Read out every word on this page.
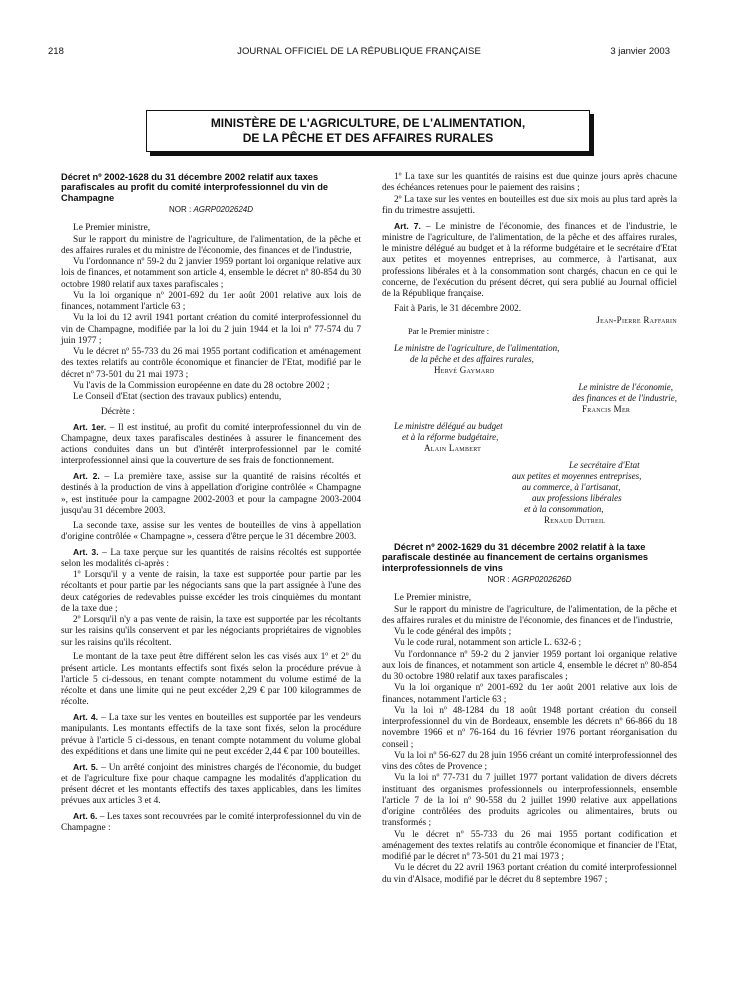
218	JOURNAL OFFICIEL DE LA RÉPUBLIQUE FRANÇAISE	3 janvier 2003
MINISTÈRE DE L'AGRICULTURE, DE L'ALIMENTATION,
DE LA PÊCHE ET DES AFFAIRES RURALES

Décret nº 2002-1628 du 31 décembre 2002 relatif aux taxes parafiscales au profit du comité interprofessionnel du vin de Champagne

NOR : AGRP0202624D

Le Premier ministre,

Sur le rapport du ministre de l'agriculture, de l'alimentation, de la pêche et des affaires rurales et du ministre de l'économie, des finances et de l'industrie,

Vu l'ordonnance nº 59-2 du 2 janvier 1959 portant loi organique relative aux lois de finances, et notamment son article 4, ensemble le décret nº 80-854 du 30 octobre 1980 relatif aux taxes parafiscales ;

Vu la loi organique nº 2001-692 du 1er août 2001 relative aux lois de finances, notamment l'article 63 ;

Vu la loi du 12 avril 1941 portant création du comité interprofessionnel du vin de Champagne, modifiée par la loi du 2 juin 1944 et la loi nº 77-574 du 7 juin 1977 ;

Vu le décret nº 55-733 du 26 mai 1955 portant codification et aménagement des textes relatifs au contrôle économique et financier de l'Etat, modifié par le décret nº 73-501 du 21 mai 1973 ;

Vu l'avis de la Commission européenne en date du 28 octobre 2002 ;

Le Conseil d'Etat (section des travaux publics) entendu,

Décrète :

Art. 1er. – Il est institué, au profit du comité interprofessionnel du vin de Champagne, deux taxes parafiscales destinées à assurer le financement des actions conduites dans un but d'intérêt interprofessionnel par le comité interprofessionnel ainsi que la couverture de ses frais de fonctionnement.

Art. 2. – La première taxe, assise sur la quantité de raisins récoltés et destinés à la production de vins à appellation d'origine contrôlée « Champagne », est instituée pour la campagne 2002-2003 et pour la campagne 2003-2004 jusqu'au 31 décembre 2003.

La seconde taxe, assise sur les ventes de bouteilles de vins à appellation d'origine contrôlée « Champagne », cessera d'être perçue le 31 décembre 2003.

Art. 3. – La taxe perçue sur les quantités de raisins récoltés est supportée selon les modalités ci-après :

1º Lorsqu'il y a vente de raisin, la taxe est supportée pour partie par les récoltants et pour partie par les négociants sans que la part assignée à l'une des deux catégories de redevables puisse excéder les trois cinquièmes du montant de la taxe due ;

2º Lorsqu'il n'y a pas vente de raisin, la taxe est supportée par les récoltants sur les raisins qu'ils conservent et par les négociants propriétaires de vignobles sur les raisins qu'ils récoltent.

Le montant de la taxe peut être différent selon les cas visés aux 1º et 2º du présent article. Les montants effectifs sont fixés selon la procédure prévue à l'article 5 ci-dessous, en tenant compte notamment du volume estimé de la récolte et dans une limite qui ne peut excéder 2,29 € par 100 kilogrammes de récolte.

Art. 4. – La taxe sur les ventes en bouteilles est supportée par les vendeurs manipulants. Les montants effectifs de la taxe sont fixés, selon la procédure prévue à l'article 5 ci-dessous, en tenant compte notamment du volume global des expéditions et dans une limite qui ne peut excéder 2,44 € par 100 bouteilles.

Art. 5. – Un arrêté conjoint des ministres chargés de l'économie, du budget et de l'agriculture fixe pour chaque campagne les modalités d'application du présent décret et les montants effectifs des taxes applicables, dans les limites prévues aux articles 3 et 4.

Art. 6. – Les taxes sont recouvrées par le comité interprofessionnel du vin de Champagne :

1º La taxe sur les quantités de raisins est due quinze jours après chacune des échéances retenues pour le paiement des raisins ;

2º La taxe sur les ventes en bouteilles est due six mois au plus tard après la fin du trimestre assujetti.

Art. 7. – Le ministre de l'économie, des finances et de l'industrie, le ministre de l'agriculture, de l'alimentation, de la pêche et des affaires rurales, le ministre délégué au budget et à la réforme budgétaire et le secrétaire d'Etat aux petites et moyennes entreprises, au commerce, à l'artisanat, aux professions libérales et à la consommation sont chargés, chacun en ce qui le concerne, de l'exécution du présent décret, qui sera publié au Journal officiel de la République française.

Fait à Paris, le 31 décembre 2002.

Jean-Pierre Raffarin

Par le Premier ministre :

Le ministre de l'agriculture, de l'alimentation,

de la pêche et des affaires rurales,

Hervé Gaymard

Le ministre de l'économie,

des finances et de l'industrie,

Francis Mer

Le ministre délégué au budget

et à la réforme budgétaire,

Alain Lambert

Le secrétaire d'Etat

aux petites et moyennes entreprises,

au commerce, à l'artisanat,

aux professions libérales

et à la consommation,

Renaud Dutreil

Décret nº 2002-1629 du 31 décembre 2002 relatif à la taxe parafiscale destinée au financement de certains organismes interprofessionnels de vins

NOR : AGRP0202626D

Le Premier ministre,

Sur le rapport du ministre de l'agriculture, de l'alimentation, de la pêche et des affaires rurales et du ministre de l'économie, des finances et de l'industrie,

Vu le code général des impôts ;

Vu le code rural, notamment son article L. 632-6 ;

Vu l'ordonnance nº 59-2 du 2 janvier 1959 portant loi organique relative aux lois de finances, et notamment son article 4, ensemble le décret nº 80-854 du 30 octobre 1980 relatif aux taxes parafiscales ;

Vu la loi organique nº 2001-692 du 1er août 2001 relative aux lois de finances, notamment l'article 63 ;

Vu la loi nº 48-1284 du 18 août 1948 portant création du conseil interprofessionnel du vin de Bordeaux, ensemble les décrets nº 66-866 du 18 novembre 1966 et nº 76-164 du 16 février 1976 portant réorganisation du conseil ;

Vu la loi nº 56-627 du 28 juin 1956 créant un comité interprofessionnel des vins des côtes de Provence ;

Vu la loi nº 77-731 du 7 juillet 1977 portant validation de divers décrets instituant des organismes professionnels ou interprofessionnels, ensemble l'article 7 de la loi nº 90-558 du 2 juillet 1990 relative aux appellations d'origine contrôlées des produits agricoles ou alimentaires, bruts ou transformés ;

Vu le décret nº 55-733 du 26 mai 1955 portant codification et aménagement des textes relatifs au contrôle économique et financier de l'Etat, modifié par le décret nº 73-501 du 21 mai 1973 ;

Vu le décret du 22 avril 1963 portant création du comité interprofessionnel du vin d'Alsace, modifié par le décret du 8 septembre 1967 ;
